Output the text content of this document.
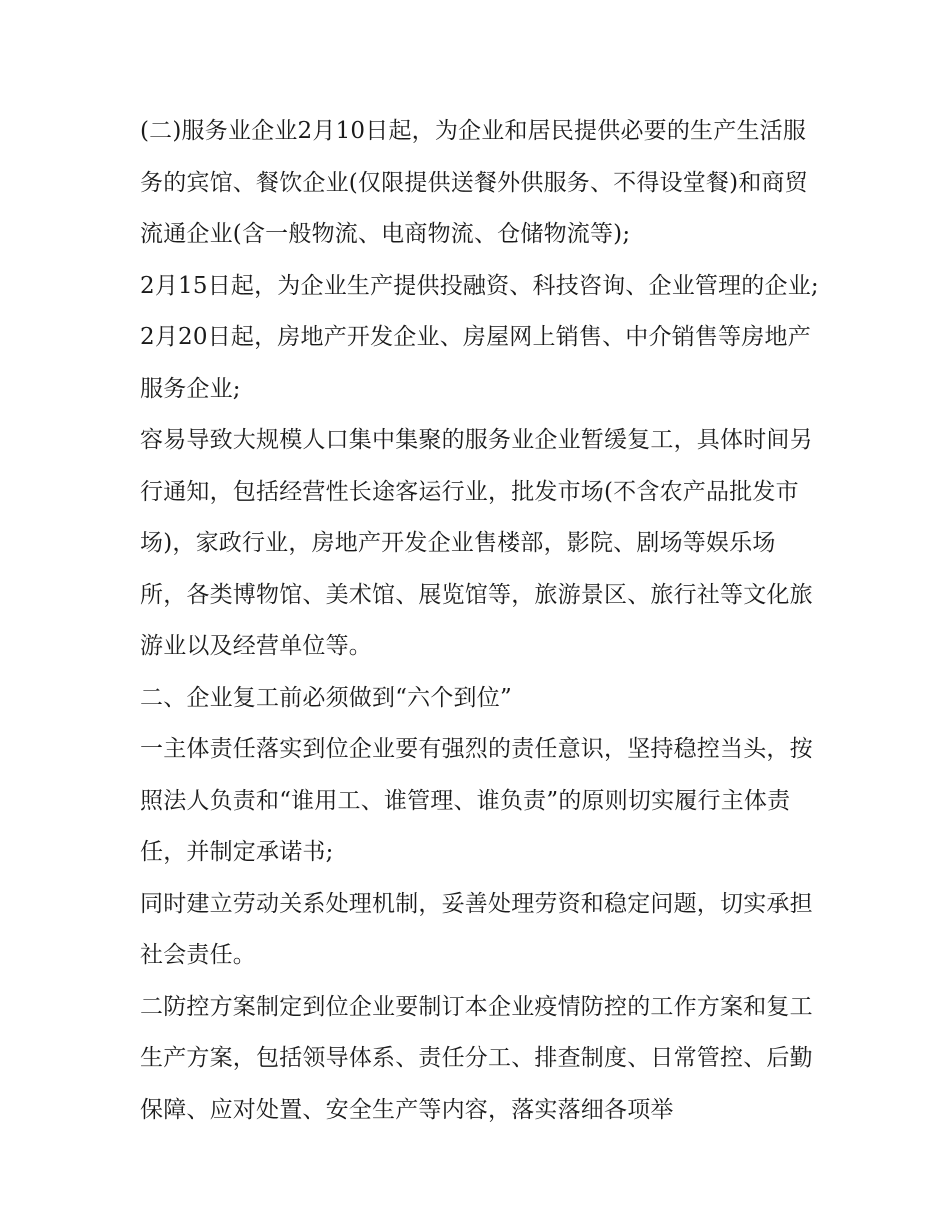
(二)服务业企业2月10日起，为企业和居民提供必要的生产生活服务的宾馆、餐饮企业(仅限提供送餐外供服务、不得设堂餐)和商贸流通企业(含一般物流、电商物流、仓储物流等);

2月15日起，为企业生产提供投融资、科技咨询、企业管理的企业; 2月20日起，房地产开发企业、房屋网上销售、中介销售等房地产服务企业;

容易导致大规模人口集中集聚的服务业企业暂缓复工，具体时间另行通知，包括经营性长途客运行业，批发市场(不含农产品批发市场)，家政行业，房地产开发企业售楼部，影院、剧场等娱乐场所，各类博物馆、美术馆、展览馆等，旅游景区、旅行社等文化旅游业以及经营单位等。

二、企业复工前必须做到“六个到位”

一主体责任落实到位企业要有强烈的责任意识，坚持稳控当头，按照法人负责和“谁用工、谁管理、谁负责”的原则切实履行主体责任，并制定承诺书;

同时建立劳动关系处理机制，妥善处理劳资和稳定问题，切实承担社会责任。

二防控方案制定到位企业要制订本企业疫情防控的工作方案和复工生产方案，包括领导体系、责任分工、排查制度、日常管控、后勤保障、应对处置、安全生产等内容，落实落细各项举
